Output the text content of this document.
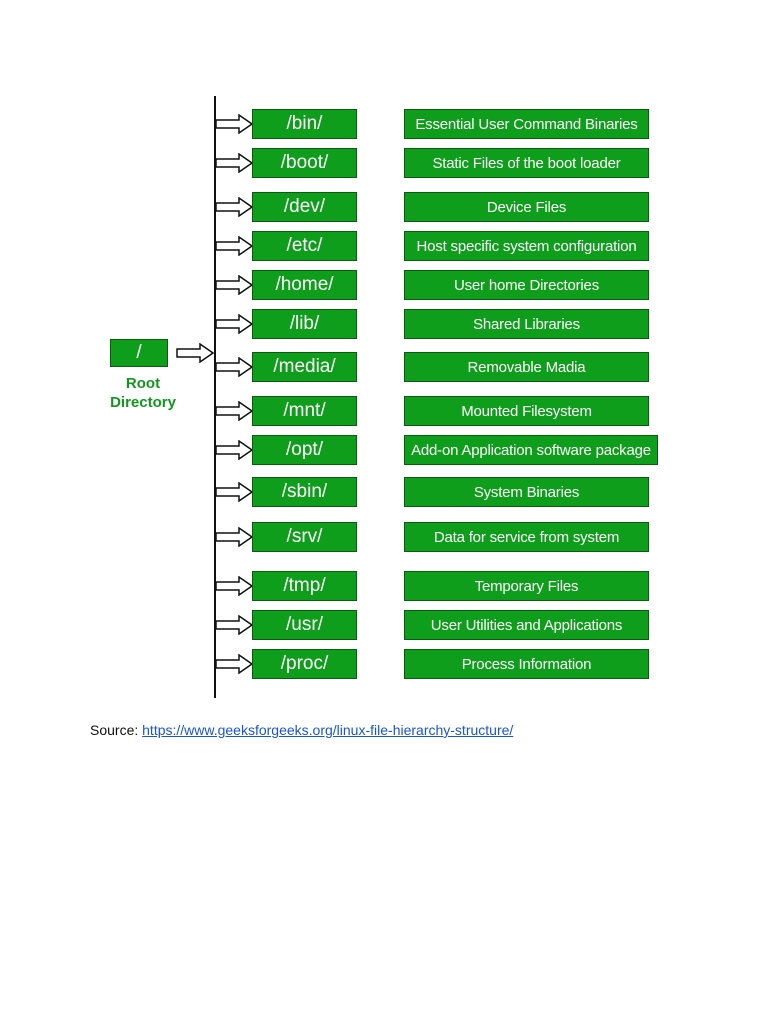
/
Root
Directory
/bin/	Essential User Command Binaries
/boot/	Static Files of the boot loader
/dev/	Device Files
/etc/	Host specific system configuration
/home/	User home Directories
/lib/	Shared Libraries
/media/	Removable Madia
/mnt/	Mounted Filesystem
/opt/	Add-on Application software package
/sbin/	System Binaries
/srv/	Data for service from system
/tmp/	Temporary Files
/usr/	User Utilities and Applications
/proc/	Process Information
Source: https://www.geeksforgeeks.org/linux-file-hierarchy-structure/
